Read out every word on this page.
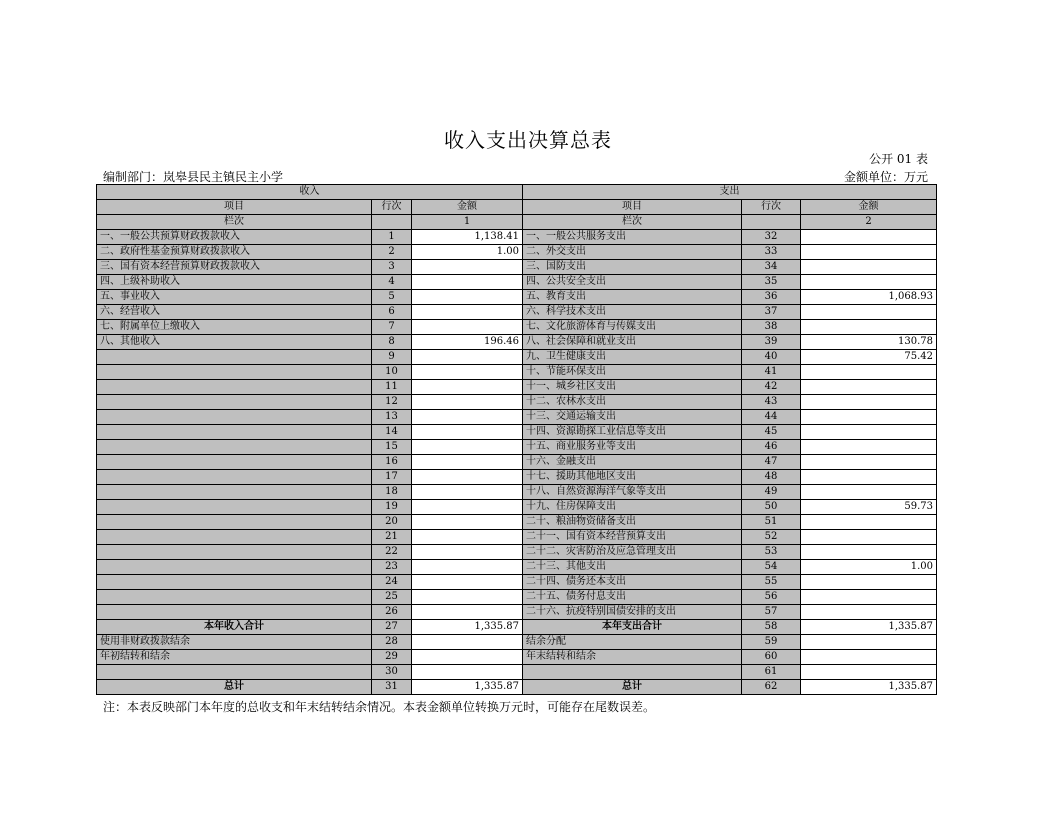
收入支出决算总表
公开 01 表
编制部门：岚皋县民主镇民主小学	金额单位：万元
收入			支出		
项目	行次	金额	项目	行次	金额
栏次		1	栏次		2
一、一般公共预算财政拨款收入	1	1,138.41	一、一般公共服务支出	32	
二、政府性基金预算财政拨款收入	2	1.00	二、外交支出	33	
三、国有资本经营预算财政拨款收入	3		三、国防支出	34	
四、上级补助收入	4		四、公共安全支出	35	
五、事业收入	5		五、教育支出	36	1,068.93
六、经营收入	6		六、科学技术支出	37	
七、附属单位上缴收入	7		七、文化旅游体育与传媒支出	38	
八、其他收入	8	196.46	八、社会保障和就业支出	39	130.78
	9		九、卫生健康支出	40	75.42
	10		十、节能环保支出	41	
	11		十一、城乡社区支出	42	
	12		十二、农林水支出	43	
	13		十三、交通运输支出	44	
	14		十四、资源勘探工业信息等支出	45	
	15		十五、商业服务业等支出	46	
	16		十六、金融支出	47	
	17		十七、援助其他地区支出	48	
	18		十八、自然资源海洋气象等支出	49	
	19		十九、住房保障支出	50	59.73
	20		二十、粮油物资储备支出	51	
	21		二十一、国有资本经营预算支出	52	
	22		二十二、灾害防治及应急管理支出	53	
	23		二十三、其他支出	54	1.00
	24		二十四、债务还本支出	55	
	25		二十五、债务付息支出	56	
	26		二十六、抗疫特别国债安排的支出	57	
本年收入合计	27	1,335.87	本年支出合计	58	1,335.87
使用非财政拨款结余	28		结余分配	59	
年初结转和结余	29		年末结转和结余	60	
	30			61	
总计	31	1,335.87	总计	62	1,335.87
注：本表反映部门本年度的总收支和年末结转结余情况。本表金额单位转换万元时，可能存在尾数误差。
